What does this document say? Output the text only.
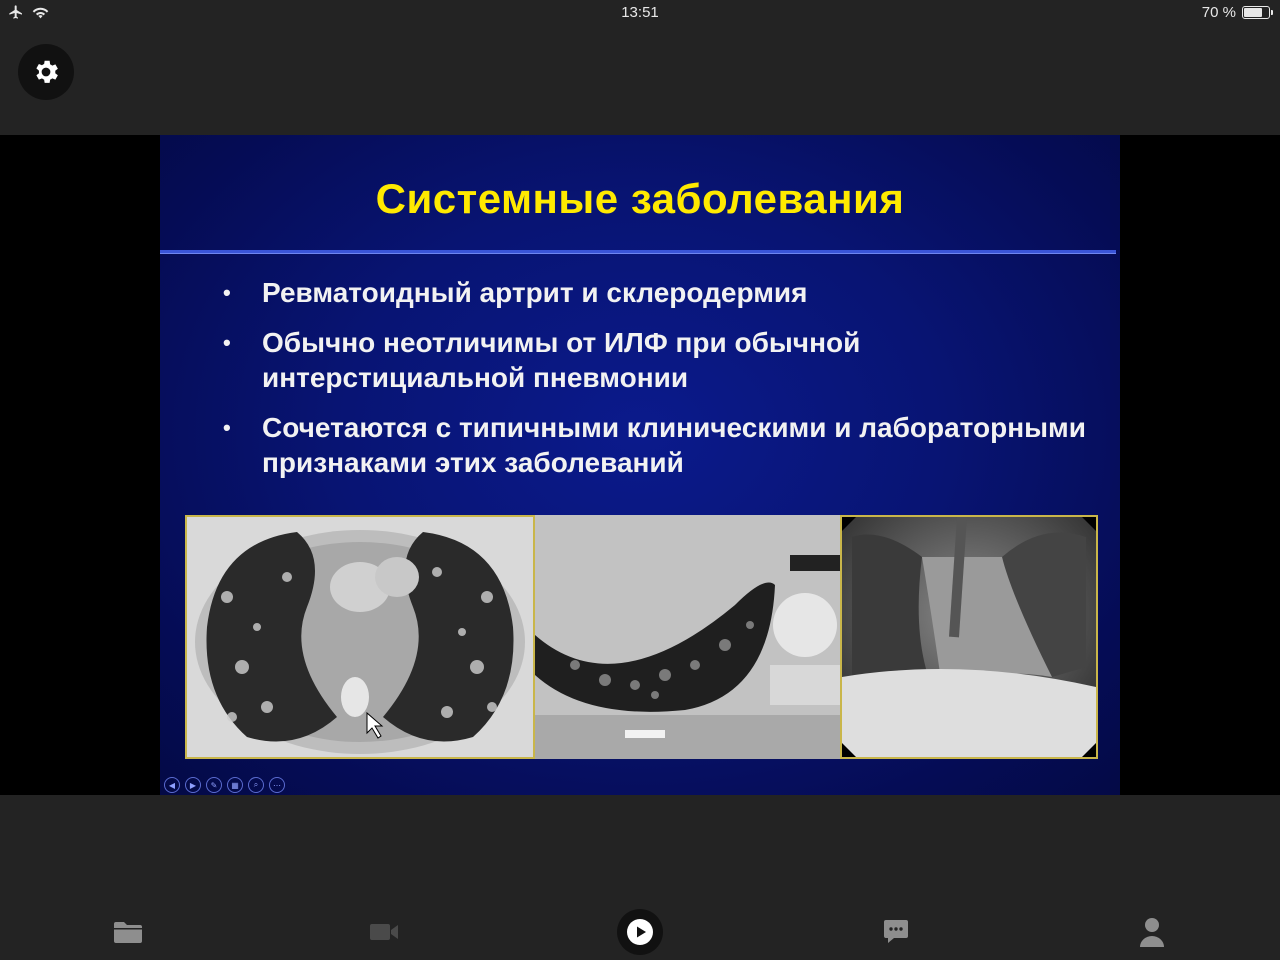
13:51	70 %
Системные заболевания
• Ревматоидный артрит и склеродермия
• Обычно неотличимы от ИЛФ при обычной интерстициальной пневмонии
• Сочетаются с типичными клиническими и лабораторными признаками этих заболеваний
◀	▶	✎	▦	⌕	⋯
